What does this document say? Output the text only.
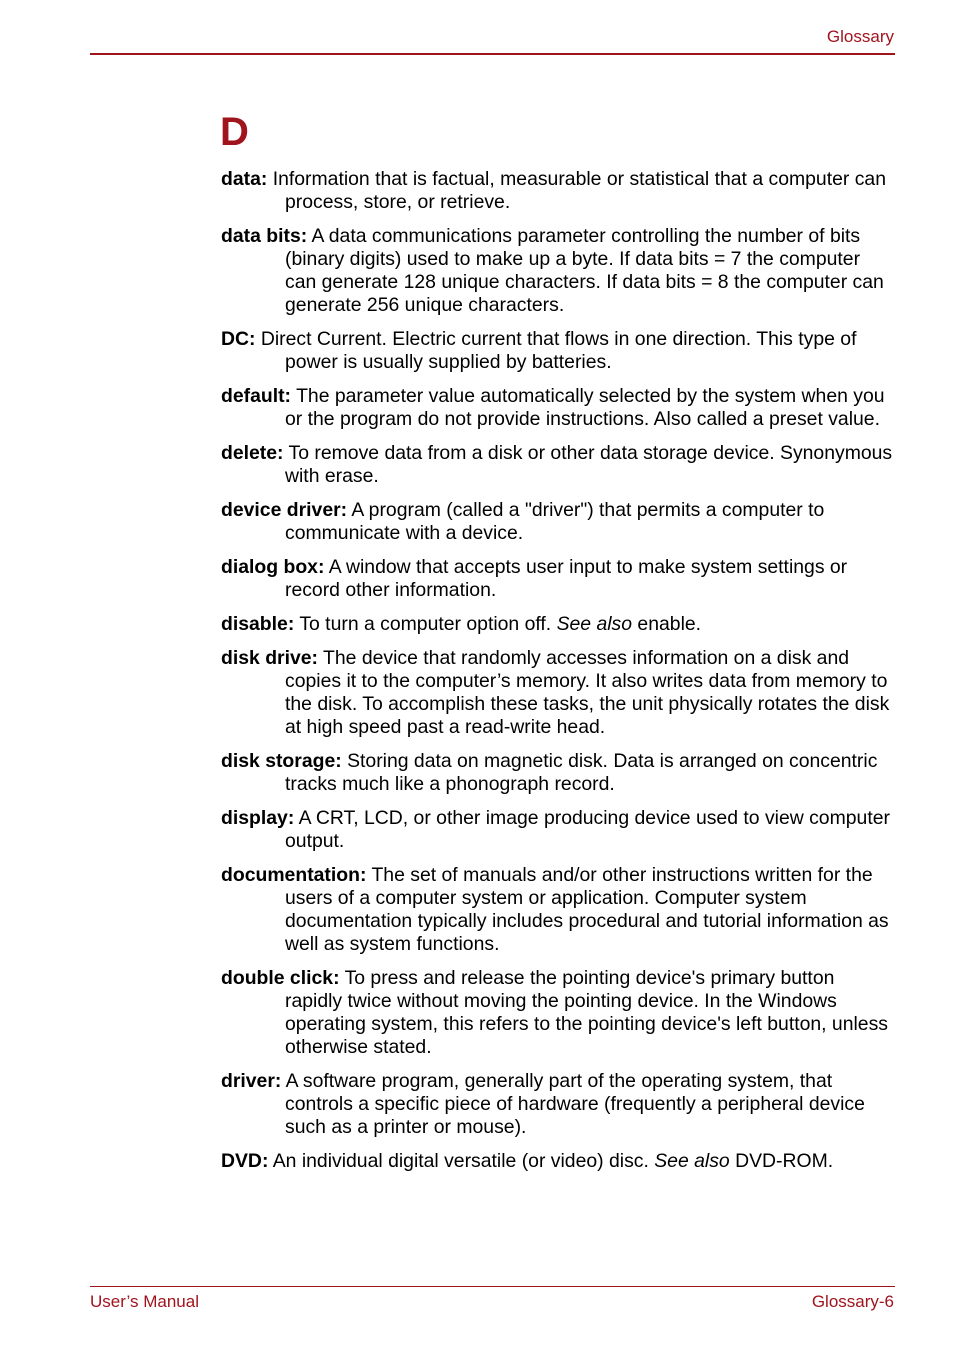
Glossary
D

data: Information that is factual, measurable or statistical that a computer can process, store, or retrieve.

data bits: A data communications parameter controlling the number of bits (binary digits) used to make up a byte. If data bits = 7 the computer can generate 128 unique characters. If data bits = 8 the computer can generate 256 unique characters.

DC: Direct Current. Electric current that flows in one direction. This type of power is usually supplied by batteries.

default: The parameter value automatically selected by the system when you or the program do not provide instructions. Also called a preset value.

delete: To remove data from a disk or other data storage device. Synonymous with erase.

device driver: A program (called a "driver") that permits a computer to communicate with a device.

dialog box: A window that accepts user input to make system settings or record other information.

disable: To turn a computer option off. See also enable.

disk drive: The device that randomly accesses information on a disk and copies it to the computer’s memory. It also writes data from memory to the disk. To accomplish these tasks, the unit physically rotates the disk at high speed past a read-write head.

disk storage: Storing data on magnetic disk. Data is arranged on concentric tracks much like a phonograph record.

display: A CRT, LCD, or other image producing device used to view computer output.

documentation: The set of manuals and/or other instructions written for the users of a computer system or application. Computer system documentation typically includes procedural and tutorial information as well as system functions.

double click: To press and release the pointing device's primary button rapidly twice without moving the pointing device. In the Windows operating system, this refers to the pointing device's left button, unless otherwise stated.

driver: A software program, generally part of the operating system, that controls a specific piece of hardware (frequently a peripheral device such as a printer or mouse).

DVD: An individual digital versatile (or video) disc. See also DVD-ROM.

User’s Manual	Glossary-6
